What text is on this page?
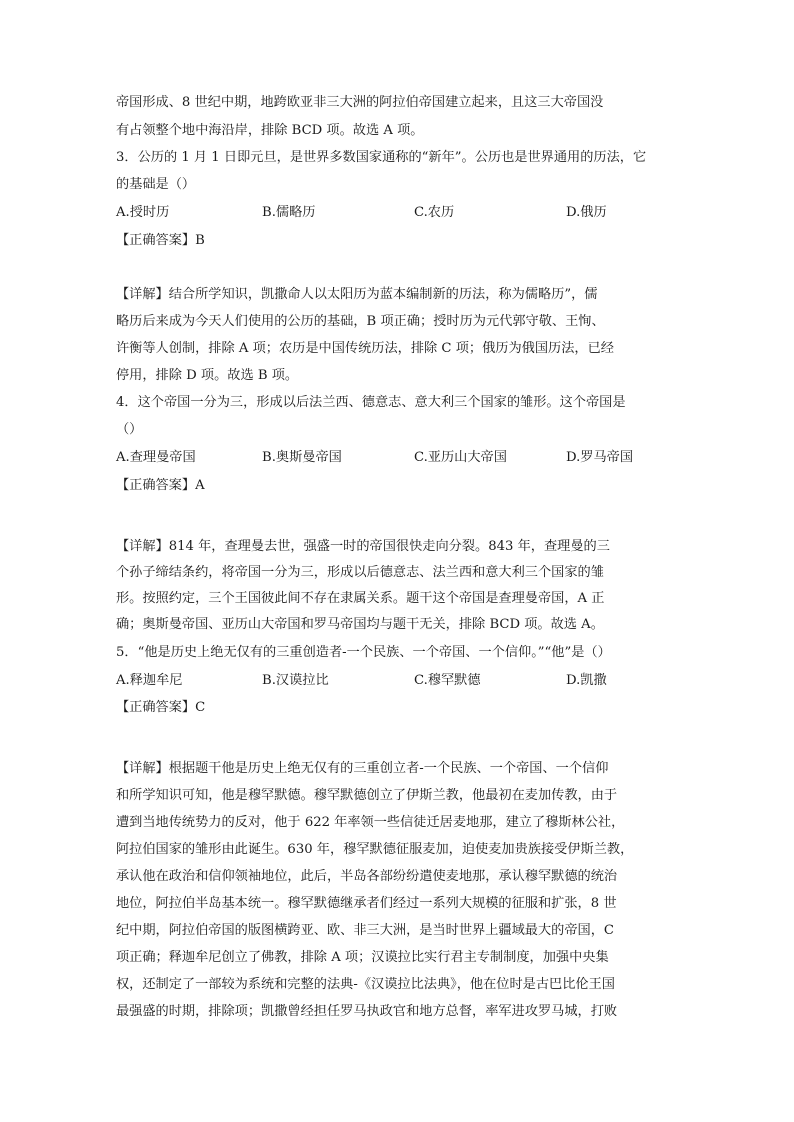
帝国形成、8 世纪中期，地跨欧亚非三大洲的阿拉伯帝国建立起来，且这三大帝国没
有占领整个地中海沿岸，排除 BCD 项。故选 A 项。
3．公历的 1 月 1 日即元旦，是世界多数国家通称的“新年”。公历也是世界通用的历法，它
的基础是（）
A.授时历	B.儒略历	C.农历	D.俄历
【正确答案】B
【详解】结合所学知识，凯撒命人以太阳历为蓝本编制新的历法，称为儒略历”，儒
略历后来成为今天人们使用的公历的基础，B 项正确；授时历为元代郭守敬、王恂、
许衡等人创制，排除 A 项；农历是中国传统历法，排除 C 项；俄历为俄国历法，已经
停用，排除 D 项。故选 B 项。
4．这个帝国一分为三，形成以后法兰西、德意志、意大利三个国家的雏形。这个帝国是
（）
A.查理曼帝国	B.奥斯曼帝国	C.亚历山大帝国	D.罗马帝国
【正确答案】A
【详解】814 年，查理曼去世，强盛一时的帝国很快走向分裂。843 年，查理曼的三
个孙子缔结条约，将帝国一分为三，形成以后德意志、法兰西和意大利三个国家的雏
形。按照约定，三个王国彼此间不存在隶属关系。题干这个帝国是查理曼帝国，A 正
确；奥斯曼帝国、亚历山大帝国和罗马帝国均与题干无关，排除 BCD 项。故选 A。
5．“他是历史上绝无仅有的三重创造者-一个民族、一个帝国、一个信仰。”“他”是（）
A.释迦牟尼	B.汉谟拉比	C.穆罕默德	D.凯撒
【正确答案】C
【详解】根据题干他是历史上绝无仅有的三重创立者-一个民族、一个帝国、一个信仰
和所学知识可知，他是穆罕默德。穆罕默德创立了伊斯兰教，他最初在麦加传教，由于
遭到当地传统势力的反对，他于 622 年率领一些信徒迁居麦地那，建立了穆斯林公社，
阿拉伯国家的雏形由此诞生。630 年，穆罕默德征服麦加，迫使麦加贵族接受伊斯兰教，
承认他在政治和信仰领袖地位，此后，半岛各部纷纷遣使麦地那，承认穆罕默德的统治
地位，阿拉伯半岛基本统一。穆罕默德继承者们经过一系列大规模的征服和扩张，8 世
纪中期，阿拉伯帝国的版图横跨亚、欧、非三大洲，是当时世界上疆域最大的帝国，C
项正确；释迦牟尼创立了佛教，排除 A 项；汉谟拉比实行君主专制制度，加强中央集
权，还制定了一部较为系统和完整的法典-《汉谟拉比法典》，他在位时是古巴比伦王国
最强盛的时期，排除项；凯撒曾经担任罗马执政官和地方总督，率军进攻罗马城，打败
